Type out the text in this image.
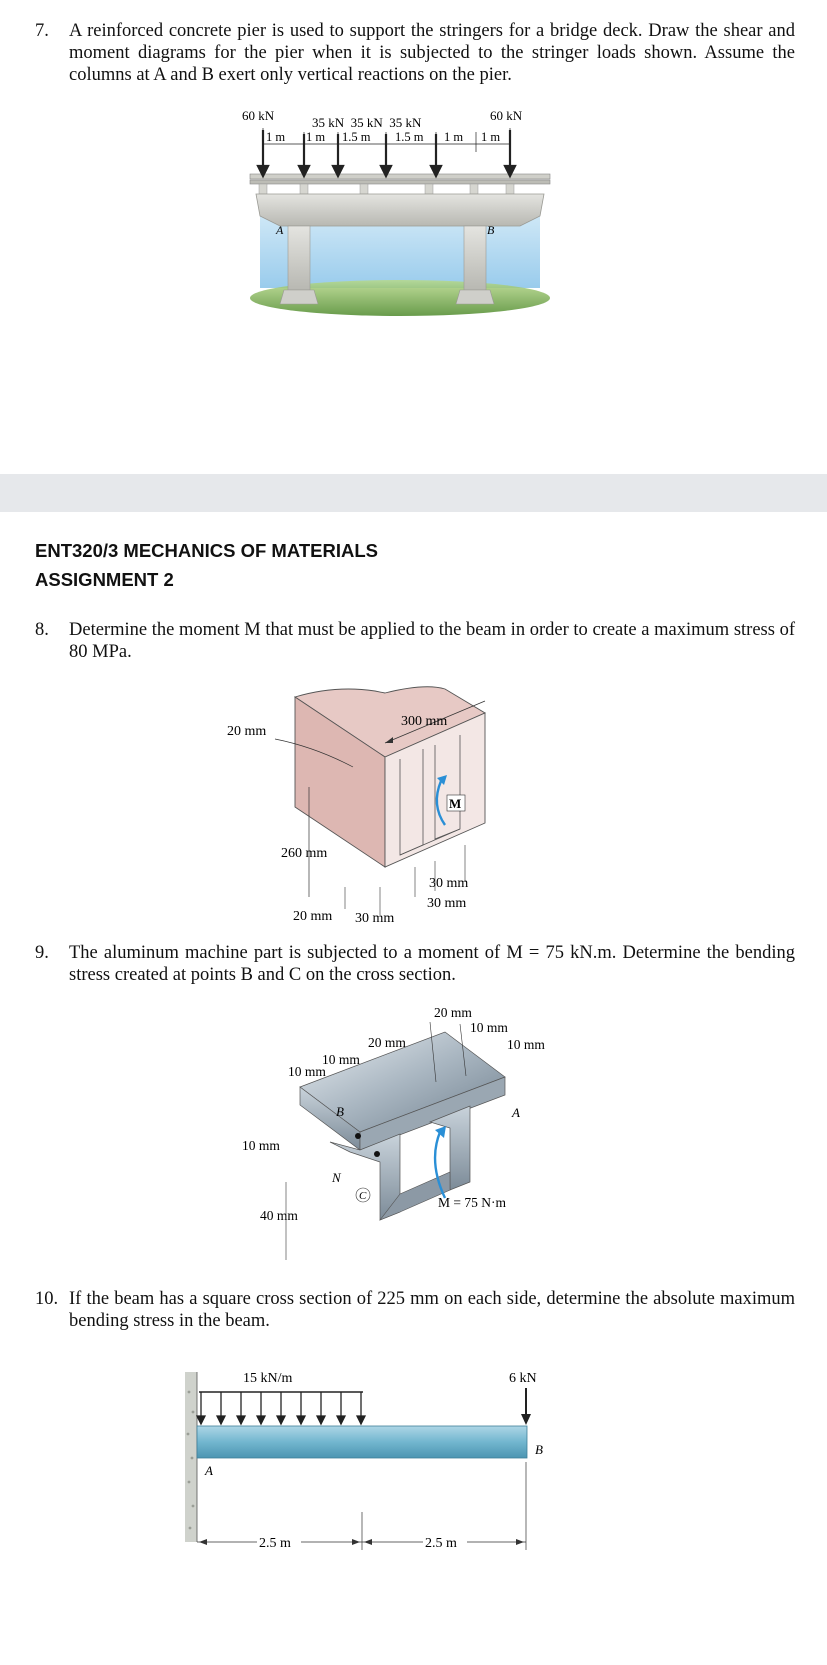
7. A reinforced concrete pier is used to support the stringers for a bridge deck. Draw the shear and moment diagrams for the pier when it is subjected to the stringer loads shown. Assume the columns at A and B exert only vertical reactions on the pier.
A	B
60 kN	35 kN  35 kN  35 kN	60 kN
1 m 1 m 1.5 m 1.5 m 1 m 1 m
ENT320/3 MECHANICS OF MATERIALS
ASSIGNMENT 2
8. Determine the moment M that must be applied to the beam in order to create a maximum stress of 80 MPa.
M
300 mm
20 mm
260 mm
30 mm
30 mm
20 mm 30 mm
9. The aluminum machine part is subjected to a moment of M = 75 kN.m. Determine the bending stress created at points B and C on the cross section.
20 mm
10 mm
10 mm
20 mm
10 mm
10 mm
10 mm
40 mm
A
B
C
N
M = 75 N·m
10. If the beam has a square cross section of 225 mm on each side, determine the absolute maximum bending stress in the beam.
15 kN/m	6 kN
A
B
2.5 m	2.5 m
